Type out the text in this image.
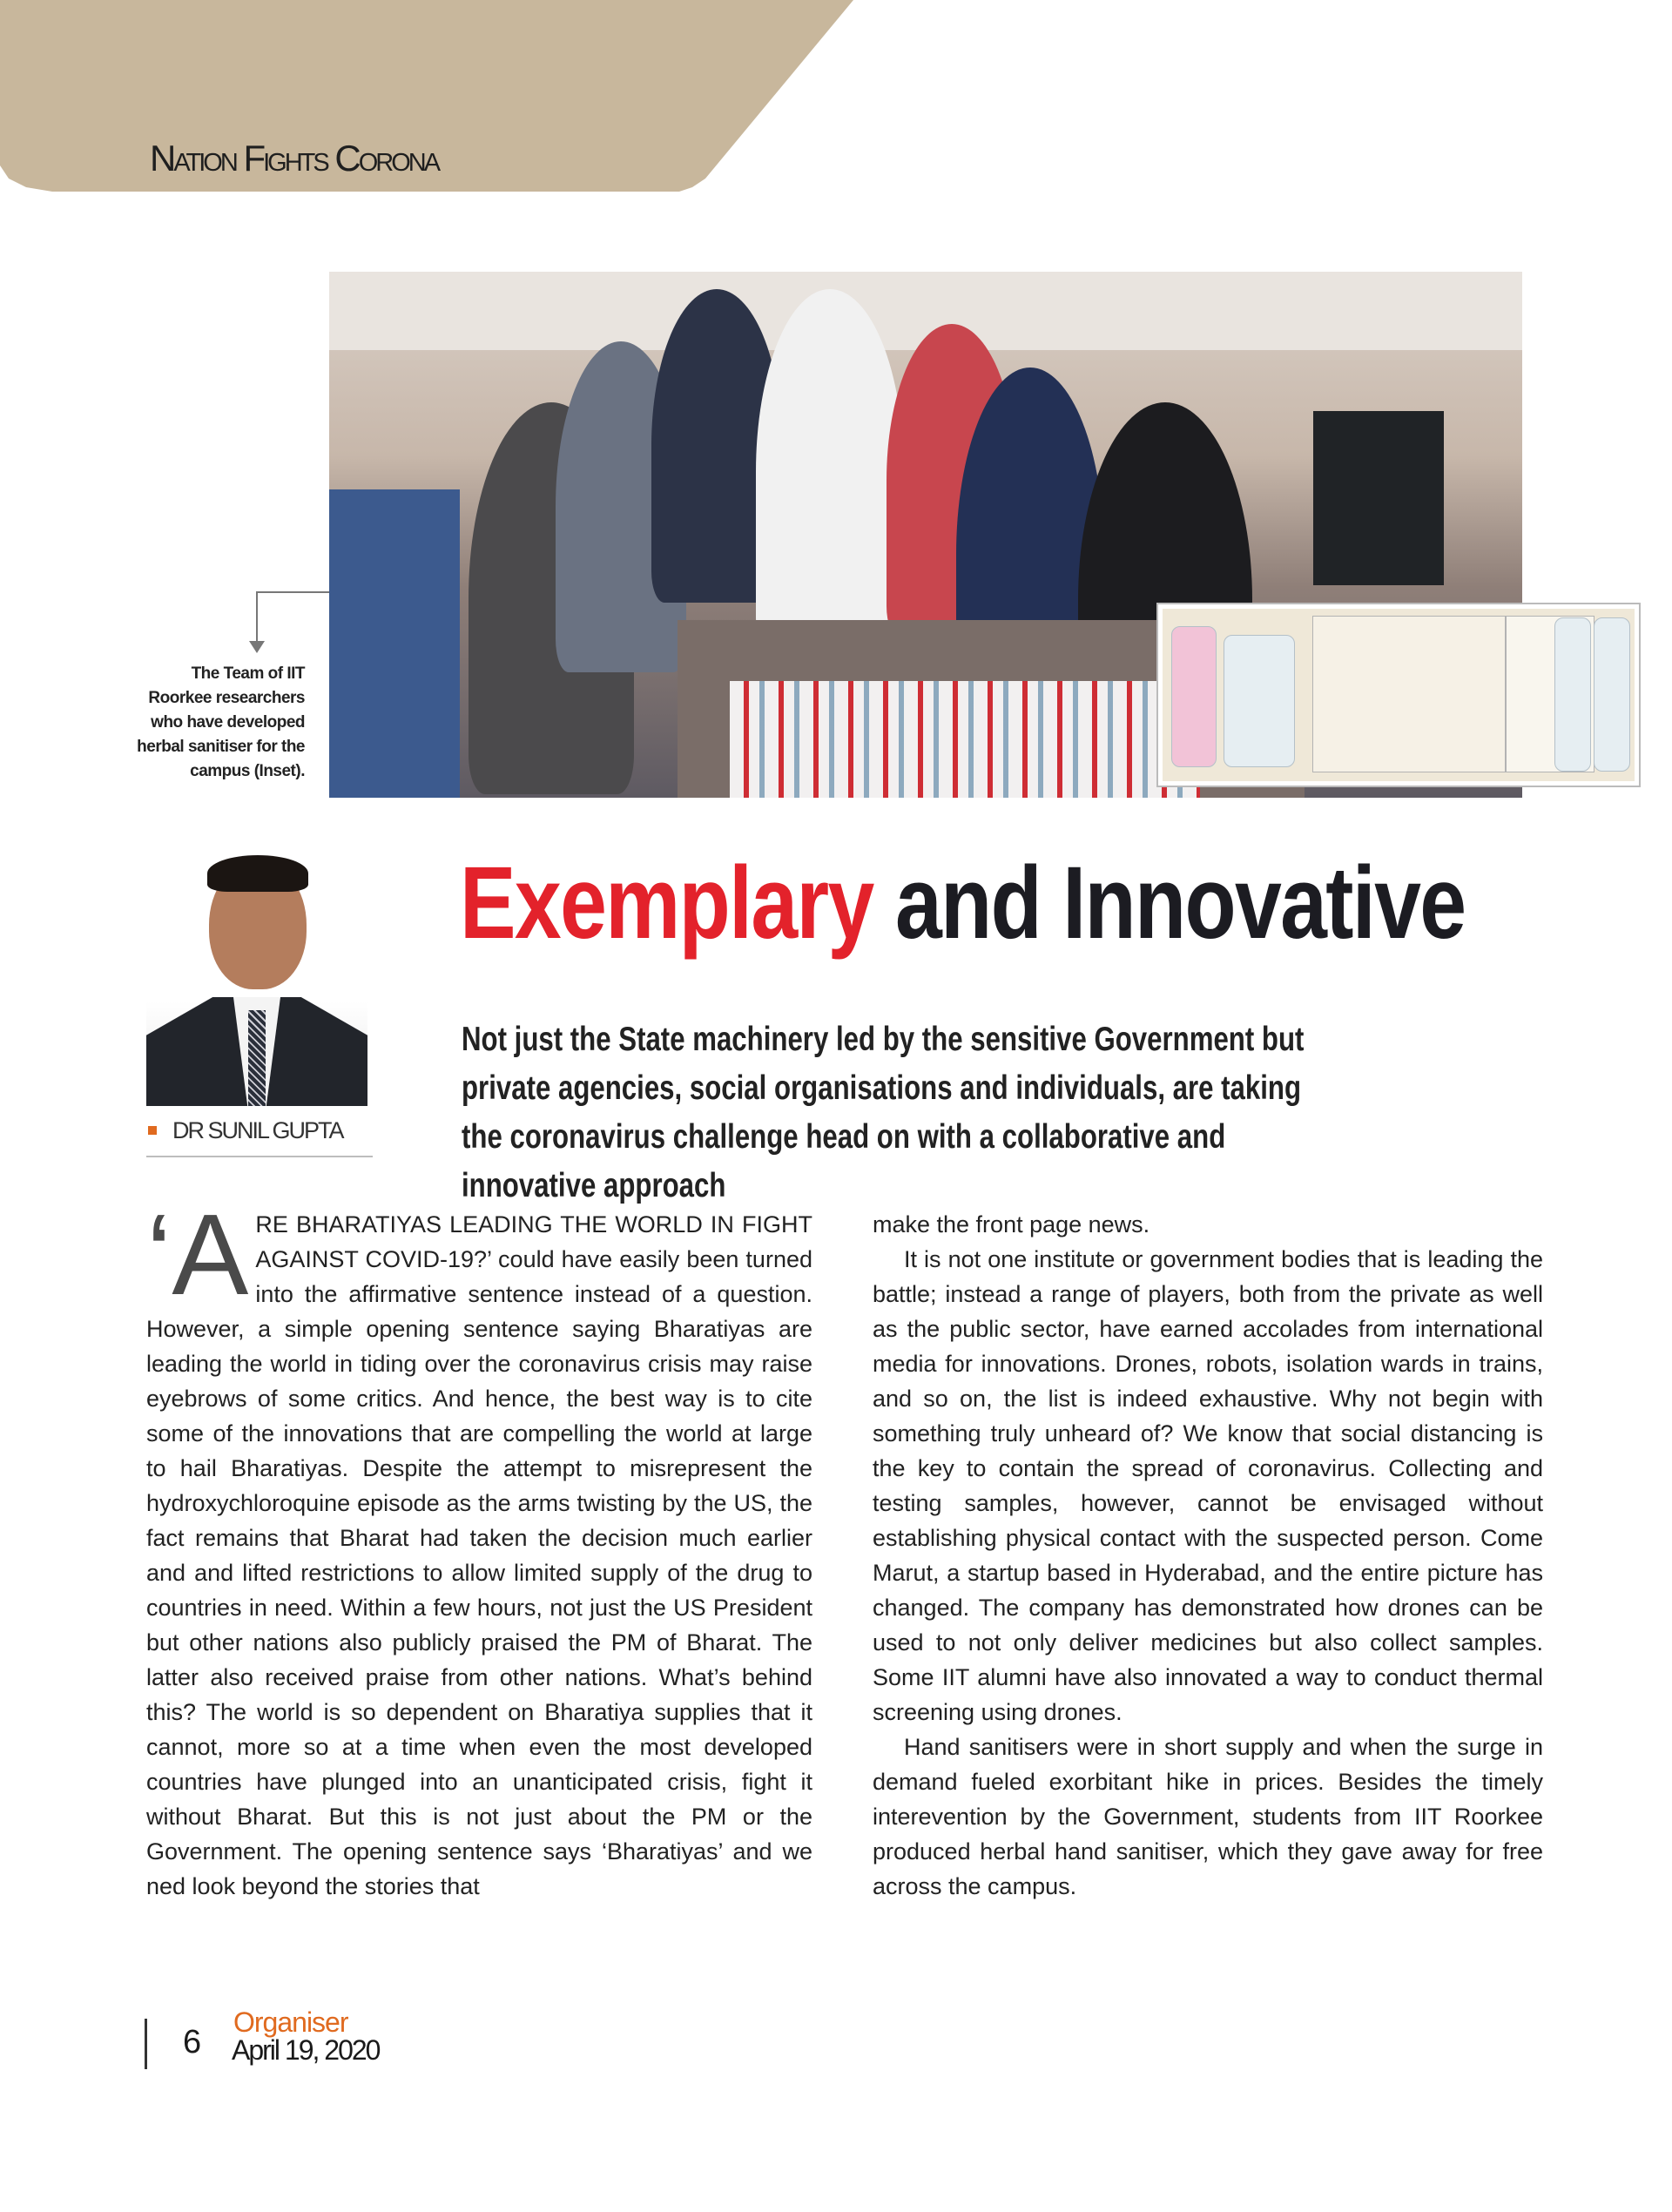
Nation Fights Corona
The Team of IIT Roorkee researchers who have developed herbal sanitiser for the campus (Inset).
DR SUNIL GUPTA
Exemplary and Innovative
Not just the State machinery led by the sensitive Government but private agencies, social organisations and individuals, are taking the coronavirus challenge head on with a collaborative and innovative approach

‘ARE BHARATIYAS LEADING THE WORLD IN FIGHT AGAINST COVID-19?’ could have easily been turned into the affirmative sentence instead of a question. However, a simple opening sentence saying Bharatiyas are leading the world in tiding over the coronavirus crisis may raise eyebrows of some critics. And hence, the best way is to cite some of the innovations that are compelling the world at large to hail Bharatiyas. Despite the attempt to misrepresent the hydroxychloroquine episode as the arms twisting by the US, the fact remains that Bharat had taken the decision much earlier and and lifted restrictions to allow limited supply of the drug to countries in need. Within a few hours, not just the US President but other nations also publicly praised the PM of Bharat. The latter also received praise from other nations. What’s behind this? The world is so dependent on Bharatiya supplies that it cannot, more so at a time when even the most developed countries have plunged into an unanticipated crisis, fight it without Bharat. But this is not just about the PM or the Government. The opening sentence says ‘Bharatiyas’ and we ned look beyond the stories that

make the front page news.

It is not one institute or government bodies that is leading the battle; instead a range of players, both from the private as well as the public sector, have earned accolades from international media for innovations. Drones, robots, isolation wards in trains, and so on, the list is indeed exhaustive. Why not begin with something truly unheard of? We know that social distancing is the key to contain the spread of coronavirus. Collecting and testing samples, however, cannot be envisaged without establishing physical contact with the suspected person. Come Marut, a startup based in Hyderabad, and the entire picture has changed. The company has demonstrated how drones can be used to not only deliver medicines but also collect samples. Some IIT alumni have also innovated a way to conduct thermal screening using drones.

Hand sanitisers were in short supply and when the surge in demand fueled exorbitant hike in prices. Besides the timely interevention by the Government, students from IIT Roorkee produced herbal hand sanitiser, which they gave away for free across the campus.

6
Organiser
April 19, 2020
